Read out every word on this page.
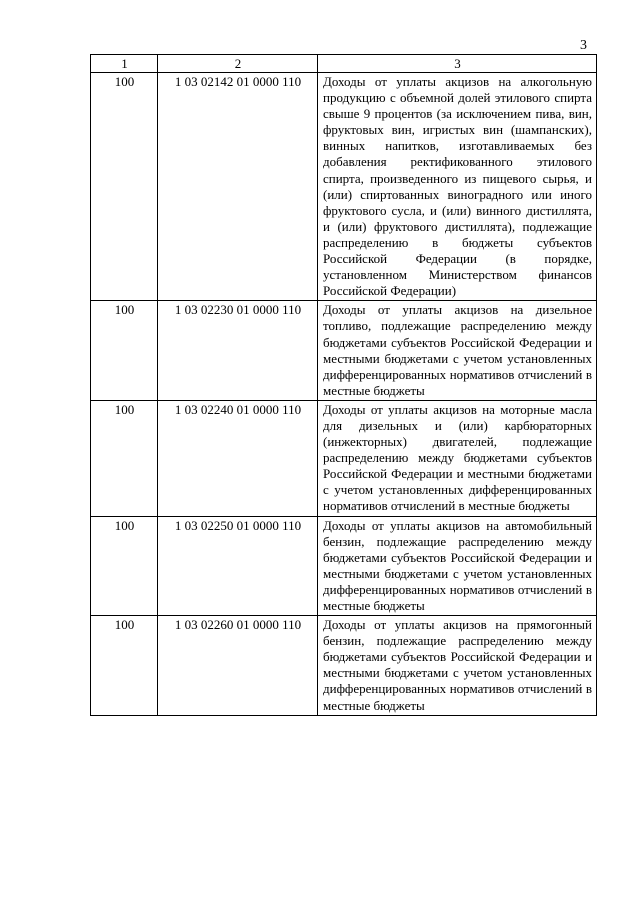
3
1	2	3
100	1 03 02142 01 0000 110	Доходы от уплаты акцизов на алкогольную продукцию с объемной долей этилового спирта свыше 9 процентов (за исключением пива, вин, фруктовых вин, игристых вин (шампанских), винных напитков, изготавливаемых без добавления ректификованного этилового спирта, произведенного из пищевого сырья, и (или) спиртованных виноградного или иного фруктового сусла, и (или) винного дистиллята, и (или) фруктового дистиллята), подлежащие распределению в бюджеты субъектов Российской Федерации (в порядке, установленном Министерством финансов Российской Федерации)
100	1 03 02230 01 0000 110	Доходы от уплаты акцизов на дизельное топливо, подлежащие распределению между бюджетами субъектов Российской Федерации и местными бюджетами с учетом установленных дифференцированных нормативов отчислений в местные бюджеты
100	1 03 02240 01 0000 110	Доходы от уплаты акцизов на моторные масла для дизельных и (или) карбюраторных (инжекторных) двигателей, подлежащие распределению между бюджетами субъектов Российской Федерации и местными бюджетами с учетом установленных дифференцированных нормативов отчислений в местные бюджеты
100	1 03 02250 01 0000 110	Доходы от уплаты акцизов на автомобильный бензин, подлежащие распределению между бюджетами субъектов Российской Федерации и местными бюджетами с учетом установленных дифференцированных нормативов отчислений в местные бюджеты
100	1 03 02260 01 0000 110	Доходы от уплаты акцизов на прямогонный бензин, подлежащие распределению между бюджетами субъектов Российской Федерации и местными бюджетами с учетом установленных дифференцированных нормативов отчислений в местные бюджеты
